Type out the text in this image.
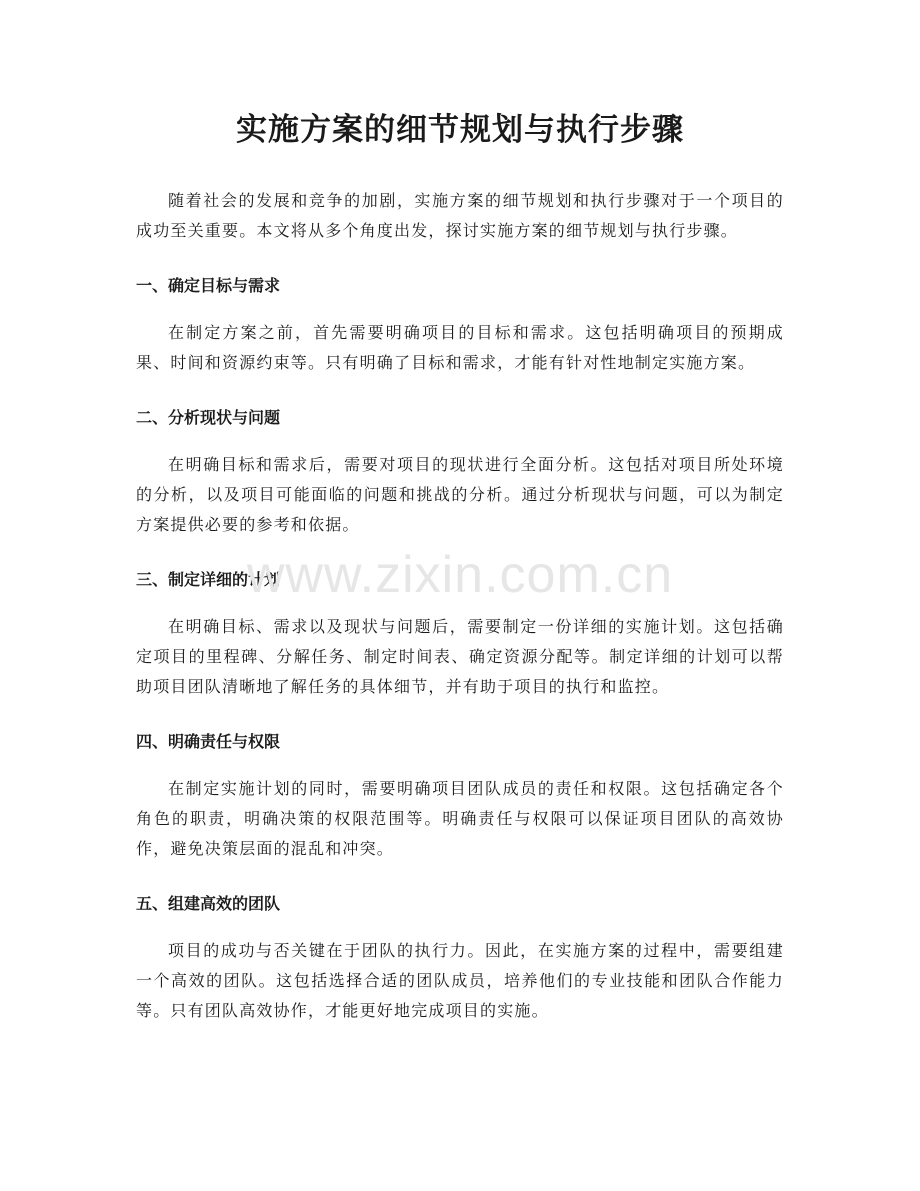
实施方案的细节规划与执行步骤

随着社会的发展和竞争的加剧，实施方案的细节规划和执行步骤对于一个项目的成功至关重要。本文将从多个角度出发，探讨实施方案的细节规划与执行步骤。

一、确定目标与需求

在制定方案之前，首先需要明确项目的目标和需求。这包括明确项目的预期成果、时间和资源约束等。只有明确了目标和需求，才能有针对性地制定实施方案。

二、分析现状与问题

在明确目标和需求后，需要对项目的现状进行全面分析。这包括对项目所处环境的分析，以及项目可能面临的问题和挑战的分析。通过分析现状与问题，可以为制定方案提供必要的参考和依据。

三、制定详细的计划

在明确目标、需求以及现状与问题后，需要制定一份详细的实施计划。这包括确定项目的里程碑、分解任务、制定时间表、确定资源分配等。制定详细的计划可以帮助项目团队清晰地了解任务的具体细节，并有助于项目的执行和监控。

四、明确责任与权限

在制定实施计划的同时，需要明确项目团队成员的责任和权限。这包括确定各个角色的职责，明确决策的权限范围等。明确责任与权限可以保证项目团队的高效协作，避免决策层面的混乱和冲突。

五、组建高效的团队

项目的成功与否关键在于团队的执行力。因此，在实施方案的过程中，需要组建一个高效的团队。这包括选择合适的团队成员，培养他们的专业技能和团队合作能力等。只有团队高效协作，才能更好地完成项目的实施。

www.zixin.com.cn
